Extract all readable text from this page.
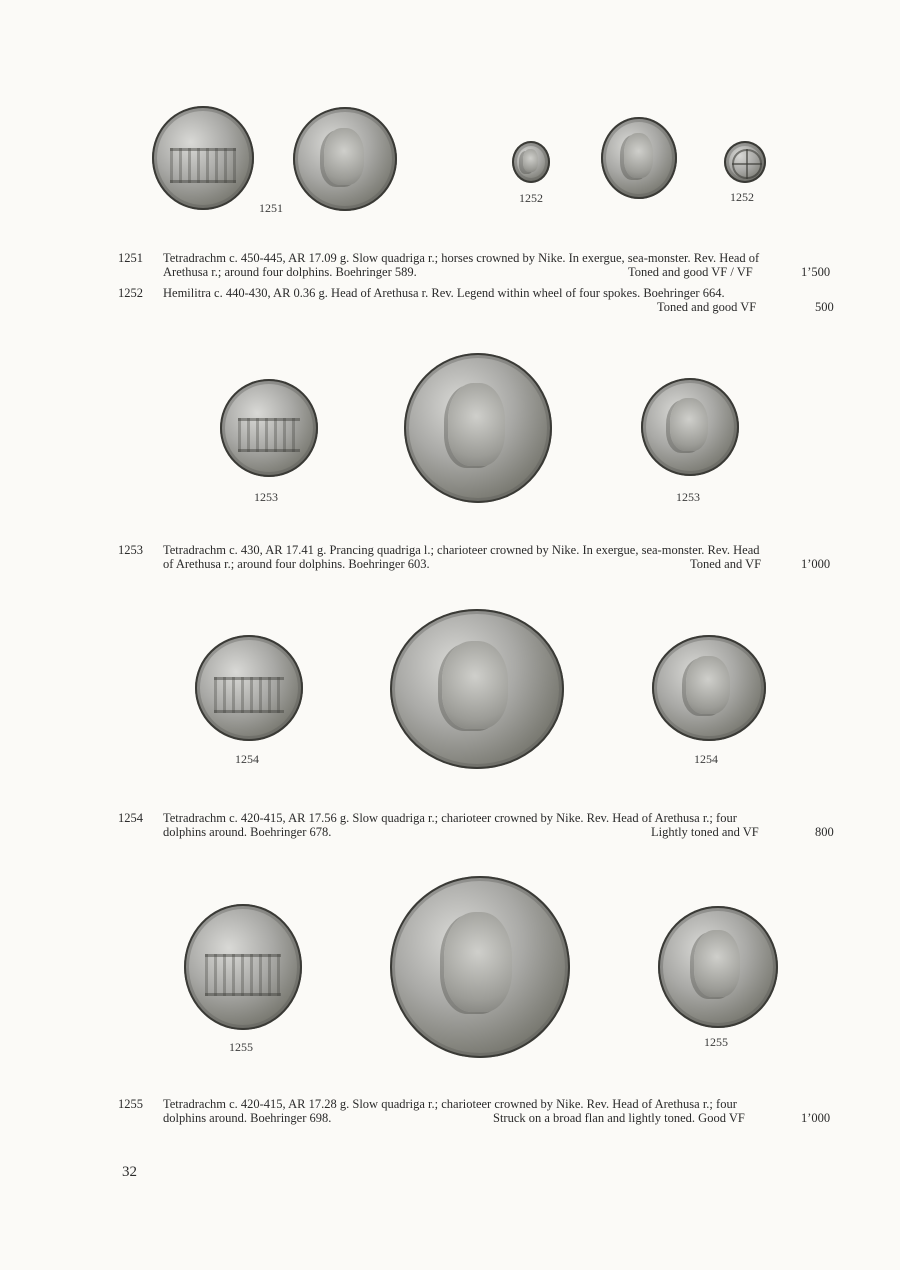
1251
1252	1252
1251 Tetradrachm c. 450-445, AR 17.09 g. Slow quadriga r.; horses crowned by Nike. In exergue, sea-monster. Rev. Head of
Arethusa r.; around four dolphins. Boehringer 589.	Toned and good VF / VF	1’500
1252 Hemilitra c. 440-430, AR 0.36 g. Head of Arethusa r. Rev. Legend within wheel of four spokes. Boehringer 664.
Toned and good VF	500
1253	1253
1253 Tetradrachm c. 430, AR 17.41 g. Prancing quadriga l.; charioteer crowned by Nike. In exergue, sea-monster. Rev. Head
of Arethusa r.; around four dolphins. Boehringer 603.	Toned and VF	1’000
1254	1254
1254 Tetradrachm c. 420-415, AR 17.56 g. Slow quadriga r.; charioteer crowned by Nike. Rev. Head of Arethusa r.; four
dolphins around. Boehringer 678.	Lightly toned and VF	800
1255	1255
1255 Tetradrachm c. 420-415, AR 17.28 g. Slow quadriga r.; charioteer crowned by Nike. Rev. Head of Arethusa r.; four
dolphins around. Boehringer 698.	Struck on a broad flan and lightly toned. Good VF	1’000
32
